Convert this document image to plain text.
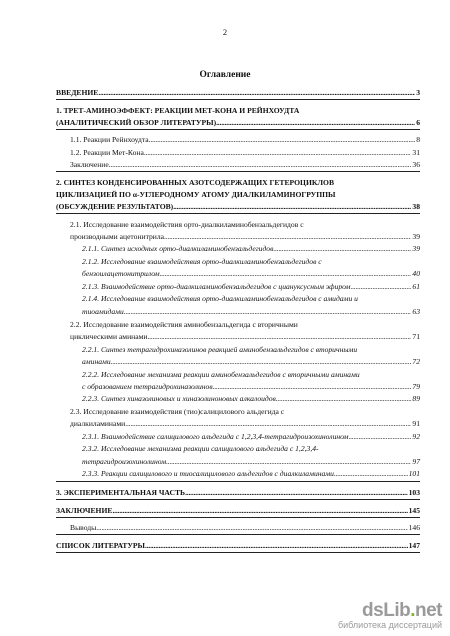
2
Оглавление
ВВЕДЕНИЕ .....	3
1. ТРЕТ-АМИНОЭФФЕКТ: РЕАКЦИИ МЕТ-КОНА И РЕЙНХОУДТА
(АНАЛИТИЧЕСКИЙ ОБЗОР ЛИТЕРАТУРЫ) .....	6
1.1. Реакции Рейнхоудта .....	8
1.2. Реакции Мет-Кона .....	31
Заключение .....	36
2. СИНТЕЗ КОНДЕНСИРОВАННЫХ АЗОТСОДЕРЖАЩИХ ГЕТЕРОЦИКЛОВ
ЦИКЛИЗАЦИЕЙ ПО α-УГЛЕРОДНОМУ АТОМУ ДИАЛКИЛАМИНОГРУППЫ
(ОБСУЖДЕНИЕ РЕЗУЛЬТАТОВ) .....	38
2.1. Исследование взаимодействия орто-диалкиламинобензальдегидов с
производными ацетонитрила .....	39
2.1.1. Синтез исходных орто-диалкиламинобензальдегидов .....	39
2.1.2. Исследование взаимодействия орто-диалкиламинобензальдегидов с
бензоилацетонитрилом .....	40
2.1.3. Взаимодействие орто-диалкиламинобензальдегидов с циануксусным эфиром .....	61
2.1.4. Исследование взаимодействия орто-диалкиламинобензальдегидов с амидами и
тиоамидами .....	63
2.2. Исследование взаимодействия аминобензальдегида с вторичными
циклическими аминами .....	71
2.2.1. Синтез тетрагидрохиназолинов реакцией аминобензальдегидов с вторичными
аминами .....	72
2.2.2. Исследование механизма реакции аминобензальдегидов с вторичными аминами
с образованием тетрагидрохиназолинов .....	79
2.2.3. Синтез хиназолиновых и хиназолиноновых алкалоидов .....	89
2.3. Исследование взаимодействия (тио)салицилового альдегида с
диалкиламинами .....	91
2.3.1. Взаимодействие салицилового альдегида с 1,2,3,4-тетрагидроизохинолином .....	92
2.3.2. Исследование механизма реакции салицилового альдегида с 1,2,3,4-
тетрагидроизохинолином .....	97
2.3.3. Реакции салицилового и тиосалицилового альдегидов с диалкиламинами .....	101
3. ЭКСПЕРИМЕНТАЛЬНАЯ ЧАСТЬ .....	103
ЗАКЛЮЧЕНИЕ .....	145
Выводы .....	146
СПИСОК ЛИТЕРАТУРЫ .....	147
dsLib.net
библиотека диссертаций
